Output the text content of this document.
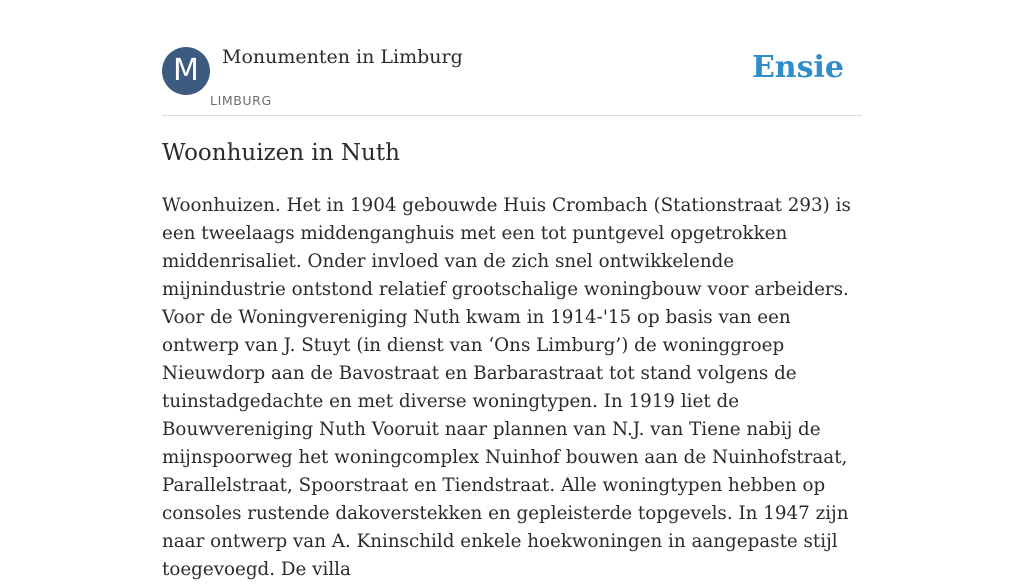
M	Monumenten in Limburg
LIMBURG
Ensie
Woonhuizen in Nuth

Woonhuizen. Het in 1904 gebouwde Huis Crombach (Stationstraat 293) is een tweelaags middenganghuis met een tot puntgevel opgetrokken middenrisaliet. Onder invloed van de zich snel ontwikkelende mijnindustrie ontstond relatief grootschalige woningbouw voor arbeiders. Voor de Woningvereniging Nuth kwam in 1914-'15 op basis van een ontwerp van J. Stuyt (in dienst van ‘Ons Limburg’) de woninggroep Nieuwdorp aan de Bavostraat en Barbarastraat tot stand volgens de tuinstadgedachte en met diverse woningtypen. In 1919 liet de Bouwvereniging Nuth Vooruit naar plannen van N.J. van Tiene nabij de mijnspoorweg het woningcomplex Nuinhof bouwen aan de Nuinhofstraat, Parallelstraat, Spoorstraat en Tiendstraat. Alle woningtypen hebben op consoles rustende dakoverstekken en gepleisterde topgevels. In 1947 zijn naar ontwerp van A. Kninschild enkele hoekwoningen in aangepaste stijl toegevoegd. De villa
